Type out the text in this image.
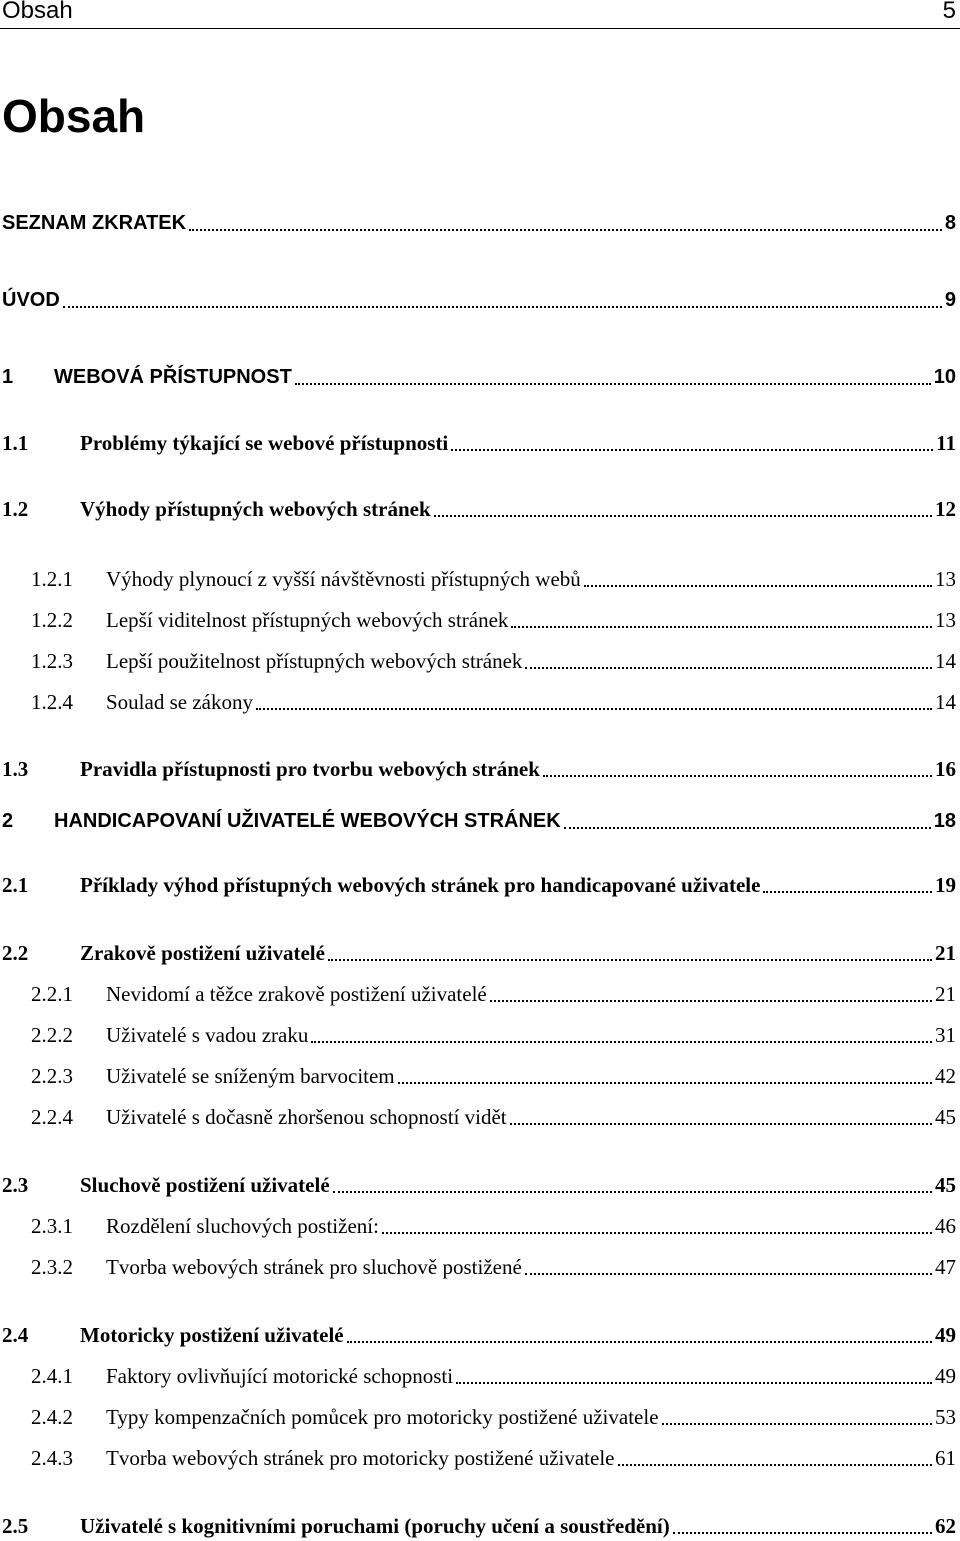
Obsah	5
Obsah
SEZNAM ZKRATEK	8
ÚVOD	9
1	WEBOVÁ PŘÍSTUPNOST	10
1.1	Problémy týkající se webové přístupnosti	11
1.2	Výhody přístupných webových stránek	12
1.2.1	Výhody plynoucí z vyšší návštěvnosti přístupných webů	13
1.2.2	Lepší viditelnost přístupných webových stránek	13
1.2.3	Lepší použitelnost přístupných webových stránek	14
1.2.4	Soulad se zákony	14
1.3	Pravidla přístupnosti pro tvorbu webových stránek	16
2	HANDICAPOVANÍ UŽIVATELÉ WEBOVÝCH STRÁNEK	18
2.1	Příklady výhod přístupných webových stránek pro handicapované uživatele	19
2.2	Zrakově postižení uživatelé	21
2.2.1	Nevidomí a těžce zrakově postižení uživatelé	21
2.2.2	Uživatelé s vadou zraku	31
2.2.3	Uživatelé se sníženým barvocitem	42
2.2.4	Uživatelé s dočasně zhoršenou schopností vidět	45
2.3	Sluchově postižení uživatelé	45
2.3.1	Rozdělení sluchových postižení:	46
2.3.2	Tvorba webových stránek pro sluchově postižené	47
2.4	Motoricky postižení uživatelé	49
2.4.1	Faktory ovlivňující motorické schopnosti	49
2.4.2	Typy kompenzačních pomůcek pro motoricky postižené uživatele	53
2.4.3	Tvorba webových stránek pro motoricky postižené uživatele	61
2.5	Uživatelé s kognitivními poruchami (poruchy učení a soustředění)	62
